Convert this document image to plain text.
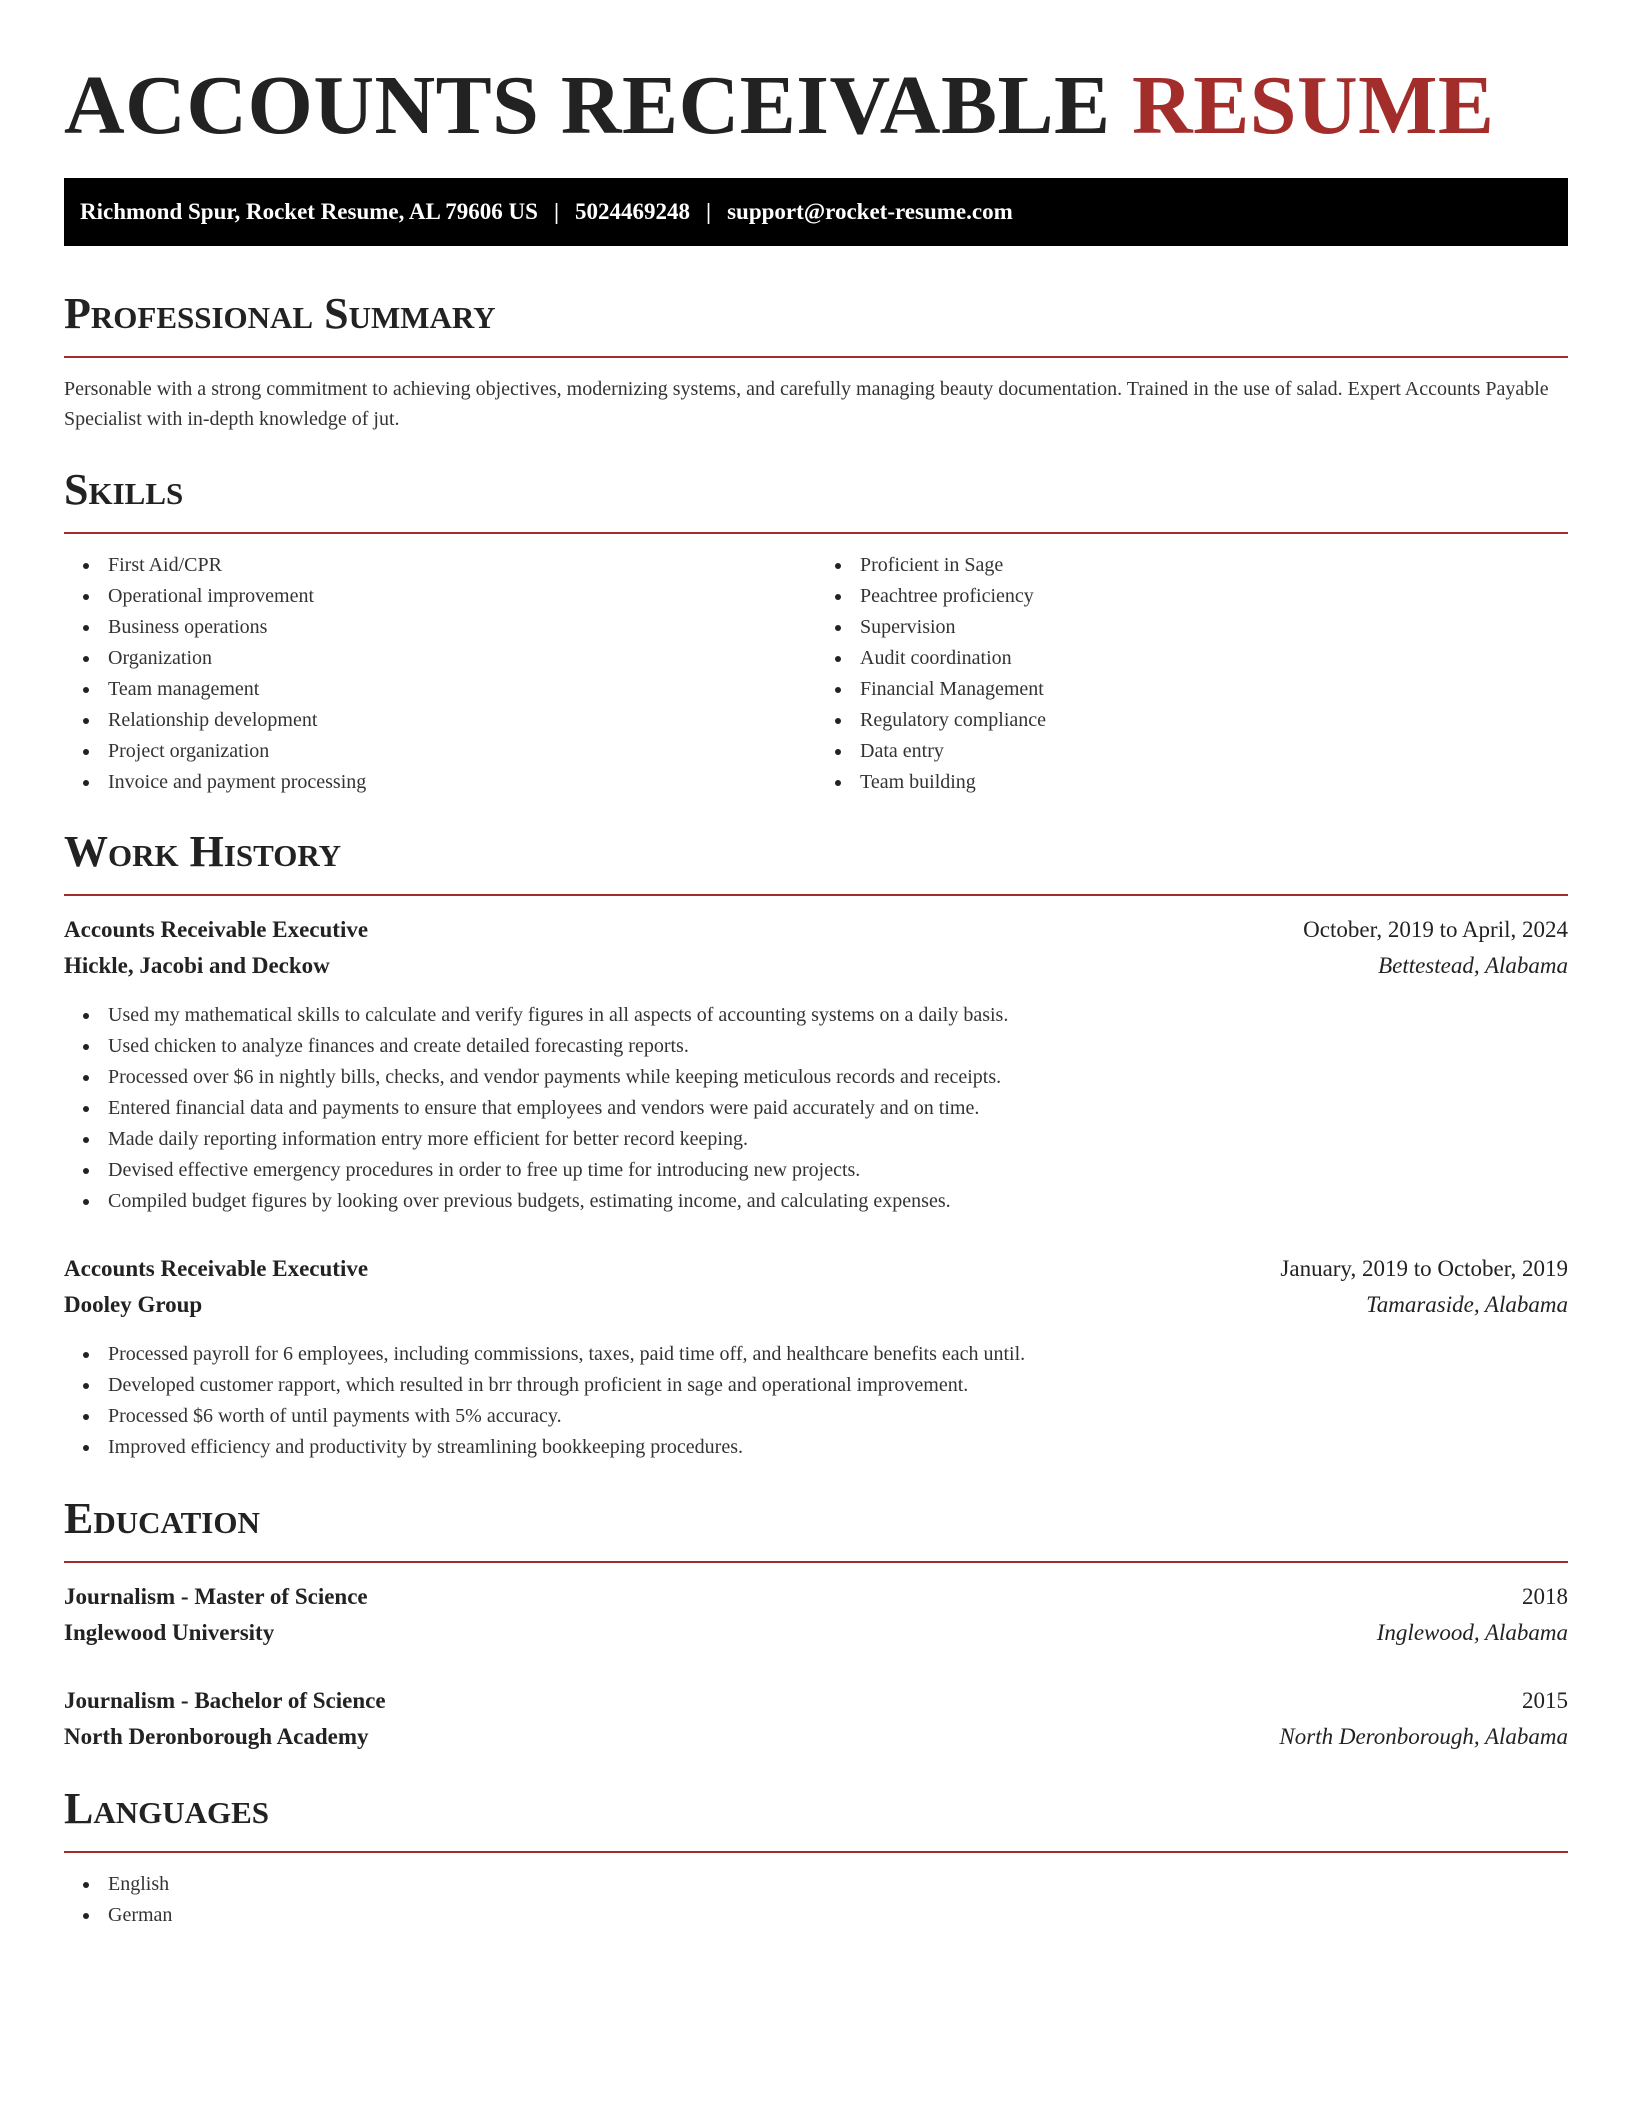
ACCOUNTS RECEIVABLE RESUME
Richmond Spur, Rocket Resume, AL 79606 US | 5024469248 | support@rocket-resume.com
Professional Summary

Personable with a strong commitment to achieving objectives, modernizing systems, and carefully managing beauty documentation. Trained in the use of salad. Expert Accounts Payable Specialist with in-depth knowledge of jut.

Skills
First Aid/CPR
Operational improvement
Business operations
Organization
Team management
Relationship development
Project organization
Invoice and payment processing
Proficient in Sage
Peachtree proficiency
Supervision
Audit coordination
Financial Management
Regulatory compliance
Data entry
Team building
Work History
Accounts Receivable Executive	October, 2019 to April, 2024
Hickle, Jacobi and Deckow	Bettestead, Alabama
Used my mathematical skills to calculate and verify figures in all aspects of accounting systems on a daily basis.
Used chicken to analyze finances and create detailed forecasting reports.
Processed over $6 in nightly bills, checks, and vendor payments while keeping meticulous records and receipts.
Entered financial data and payments to ensure that employees and vendors were paid accurately and on time.
Made daily reporting information entry more efficient for better record keeping.
Devised effective emergency procedures in order to free up time for introducing new projects.
Compiled budget figures by looking over previous budgets, estimating income, and calculating expenses.
Accounts Receivable Executive	January, 2019 to October, 2019
Dooley Group	Tamaraside, Alabama
Processed payroll for 6 employees, including commissions, taxes, paid time off, and healthcare benefits each until.
Developed customer rapport, which resulted in brr through proficient in sage and operational improvement.
Processed $6 worth of until payments with 5% accuracy.
Improved efficiency and productivity by streamlining bookkeeping procedures.
Education
Journalism - Master of Science	2018
Inglewood University	Inglewood, Alabama
Journalism - Bachelor of Science	2015
North Deronborough Academy	North Deronborough, Alabama
Languages
English
German
